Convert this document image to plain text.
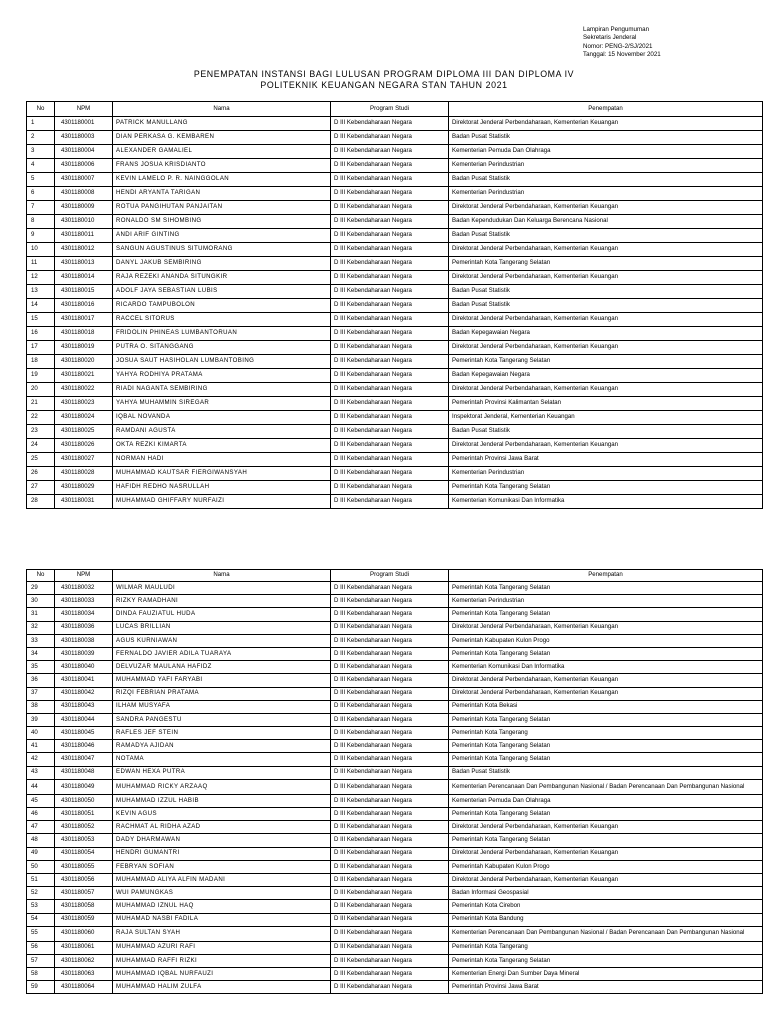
Lampiran Pengumuman
Sekretaris Jenderal
Nomor: PENG-2/SJ/2021
Tanggal: 15 November 2021
PENEMPATAN INSTANSI BAGI LULUSAN PROGRAM DIPLOMA III DAN DIPLOMA IV
POLITEKNIK KEUANGAN NEGARA STAN TAHUN 2021
No	NPM	Nama	Program Studi	Penempatan
1	4301180001	PATRICK MANULLANG	D III Kebendaharaan Negara	Direktorat Jenderal Perbendaharaan, Kementerian Keuangan
2	4301180003	DIAN PERKASA G. KEMBAREN	D III Kebendaharaan Negara	Badan Pusat Statistik
3	4301180004	ALEXANDER GAMALIEL	D III Kebendaharaan Negara	Kementerian Pemuda Dan Olahraga
4	4301180006	FRANS JOSUA KRISDIANTO	D III Kebendaharaan Negara	Kementerian Perindustrian
5	4301180007	KEVIN LAMELO P. R. NAINGGOLAN	D III Kebendaharaan Negara	Badan Pusat Statistik
6	4301180008	HENDI ARYANTA TARIGAN	D III Kebendaharaan Negara	Kementerian Perindustrian
7	4301180009	ROTUA PANGIHUTAN PANJAITAN	D III Kebendaharaan Negara	Direktorat Jenderal Perbendaharaan, Kementerian Keuangan
8	4301180010	RONALDO SM SIHOMBING	D III Kebendaharaan Negara	Badan Kependudukan Dan Keluarga Berencana Nasional
9	4301180011	ANDI ARIF GINTING	D III Kebendaharaan Negara	Badan Pusat Statistik
10	4301180012	SANGUN AGUSTINUS SITUMORANG	D III Kebendaharaan Negara	Direktorat Jenderal Perbendaharaan, Kementerian Keuangan
11	4301180013	DANYL JAKUB SEMBIRING	D III Kebendaharaan Negara	Pemerintah Kota Tangerang Selatan
12	4301180014	RAJA REZEKI ANANDA SITUNGKIR	D III Kebendaharaan Negara	Direktorat Jenderal Perbendaharaan, Kementerian Keuangan
13	4301180015	ADOLF JAYA SEBASTIAN LUBIS	D III Kebendaharaan Negara	Badan Pusat Statistik
14	4301180016	RICARDO TAMPUBOLON	D III Kebendaharaan Negara	Badan Pusat Statistik
15	4301180017	RACCEL SITORUS	D III Kebendaharaan Negara	Direktorat Jenderal Perbendaharaan, Kementerian Keuangan
16	4301180018	FRIDOLIN PHINEAS LUMBANTORUAN	D III Kebendaharaan Negara	Badan Kepegawaian Negara
17	4301180019	PUTRA O. SITANGGANG	D III Kebendaharaan Negara	Direktorat Jenderal Perbendaharaan, Kementerian Keuangan
18	4301180020	JOSUA SAUT HASIHOLAN LUMBANTOBING	D III Kebendaharaan Negara	Pemerintah Kota Tangerang Selatan
19	4301180021	YAHYA RODHIYA PRATAMA	D III Kebendaharaan Negara	Badan Kepegawaian Negara
20	4301180022	RIADI NAGANTA SEMBIRING	D III Kebendaharaan Negara	Direktorat Jenderal Perbendaharaan, Kementerian Keuangan
21	4301180023	YAHYA MUHAMMIN SIREGAR	D III Kebendaharaan Negara	Pemerintah Provinsi Kalimantan Selatan
22	4301180024	IQBAL NOVANDA	D III Kebendaharaan Negara	Inspektorat Jenderal, Kementerian Keuangan
23	4301180025	RAMDANI AGUSTA	D III Kebendaharaan Negara	Badan Pusat Statistik
24	4301180026	OKTA REZKI KIMARTA	D III Kebendaharaan Negara	Direktorat Jenderal Perbendaharaan, Kementerian Keuangan
25	4301180027	NORMAN HADI	D III Kebendaharaan Negara	Pemerintah Provinsi Jawa Barat
26	4301180028	MUHAMMAD KAUTSAR FIERGIWANSYAH	D III Kebendaharaan Negara	Kementerian Perindustrian
27	4301180029	HAFIDH REDHO NASRULLAH	D III Kebendaharaan Negara	Pemerintah Kota Tangerang Selatan
28	4301180031	MUHAMMAD GHIFFARY NURFAIZI	D III Kebendaharaan Negara	Kementerian Komunikasi Dan Informatika
No	NPM	Nama	Program Studi	Penempatan
29	4301180032	WILMAR MAULUDI	D III Kebendaharaan Negara	Pemerintah Kota Tangerang Selatan
30	4301180033	RIZKY RAMADHANI	D III Kebendaharaan Negara	Kementerian Perindustrian
31	4301180034	DINDA FAUZIATUL HUDA	D III Kebendaharaan Negara	Pemerintah Kota Tangerang Selatan
32	4301180036	LUCAS BRILLIAN	D III Kebendaharaan Negara	Direktorat Jenderal Perbendaharaan, Kementerian Keuangan
33	4301180038	AGUS KURNIAWAN	D III Kebendaharaan Negara	Pemerintah Kabupaten Kulon Progo
34	4301180039	FERNALDO JAVIER ADILA TUARAYA	D III Kebendaharaan Negara	Pemerintah Kota Tangerang Selatan
35	4301180040	DELVUZAR MAULANA HAFIDZ	D III Kebendaharaan Negara	Kementerian Komunikasi Dan Informatika
36	4301180041	MUHAMMAD YAFI FARYABI	D III Kebendaharaan Negara	Direktorat Jenderal Perbendaharaan, Kementerian Keuangan
37	4301180042	RIZQI FEBRIAN PRATAMA	D III Kebendaharaan Negara	Direktorat Jenderal Perbendaharaan, Kementerian Keuangan
38	4301180043	ILHAM MUSYAFA	D III Kebendaharaan Negara	Pemerintah Kota Bekasi
39	4301180044	SANDRA PANGESTU	D III Kebendaharaan Negara	Pemerintah Kota Tangerang Selatan
40	4301180045	RAFLES JEF STEIN	D III Kebendaharaan Negara	Pemerintah Kota Tangerang
41	4301180046	RAMADYA AJIDAN	D III Kebendaharaan Negara	Pemerintah Kota Tangerang Selatan
42	4301180047	NOTAMA	D III Kebendaharaan Negara	Pemerintah Kota Tangerang Selatan
43	4301180048	EDWAN HEXA PUTRA	D III Kebendaharaan Negara	Badan Pusat Statistik
44	4301180049	MUHAMMAD RICKY ARZAAQ	D III Kebendaharaan Negara	Kementerian Perencanaan Dan Pembangunan Nasional / Badan Perencanaan Dan Pembangunan Nasional
45	4301180050	MUHAMMAD IZZUL HABIB	D III Kebendaharaan Negara	Kementerian Pemuda Dan Olahraga
46	4301180051	KEVIN AGUS	D III Kebendaharaan Negara	Pemerintah Kota Tangerang Selatan
47	4301180052	RACHMAT AL RIDHA AZAD	D III Kebendaharaan Negara	Direktorat Jenderal Perbendaharaan, Kementerian Keuangan
48	4301180053	DADY DHARMAWAN	D III Kebendaharaan Negara	Pemerintah Kota Tangerang Selatan
49	4301180054	HENDRI GUMANTRI	D III Kebendaharaan Negara	Direktorat Jenderal Perbendaharaan, Kementerian Keuangan
50	4301180055	FEBRYAN SOFIAN	D III Kebendaharaan Negara	Pemerintah Kabupaten Kulon Progo
51	4301180056	MUHAMMAD ALIYA ALFIN MADANI	D III Kebendaharaan Negara	Direktorat Jenderal Perbendaharaan, Kementerian Keuangan
52	4301180057	WUI PAMUNGKAS	D III Kebendaharaan Negara	Badan Informasi Geospasial
53	4301180058	MUHAMMAD IZNUL HAQ	D III Kebendaharaan Negara	Pemerintah Kota Cirebon
54	4301180059	MUHAMAD NASBI FADILA	D III Kebendaharaan Negara	Pemerintah Kota Bandung
55	4301180060	RAJA SULTAN SYAH	D III Kebendaharaan Negara	Kementerian Perencanaan Dan Pembangunan Nasional / Badan Perencanaan Dan Pembangunan Nasional
56	4301180061	MUHAMMAD AZURI RAFI	D III Kebendaharaan Negara	Pemerintah Kota Tangerang
57	4301180062	MUHAMMAD RAFFI RIZKI	D III Kebendaharaan Negara	Pemerintah Kota Tangerang Selatan
58	4301180063	MUHAMMAD IQBAL NURFAUZI	D III Kebendaharaan Negara	Kementerian Energi Dan Sumber Daya Mineral
59	4301180064	MUHAMMAD HALIM ZULFA	D III Kebendaharaan Negara	Pemerintah Provinsi Jawa Barat
